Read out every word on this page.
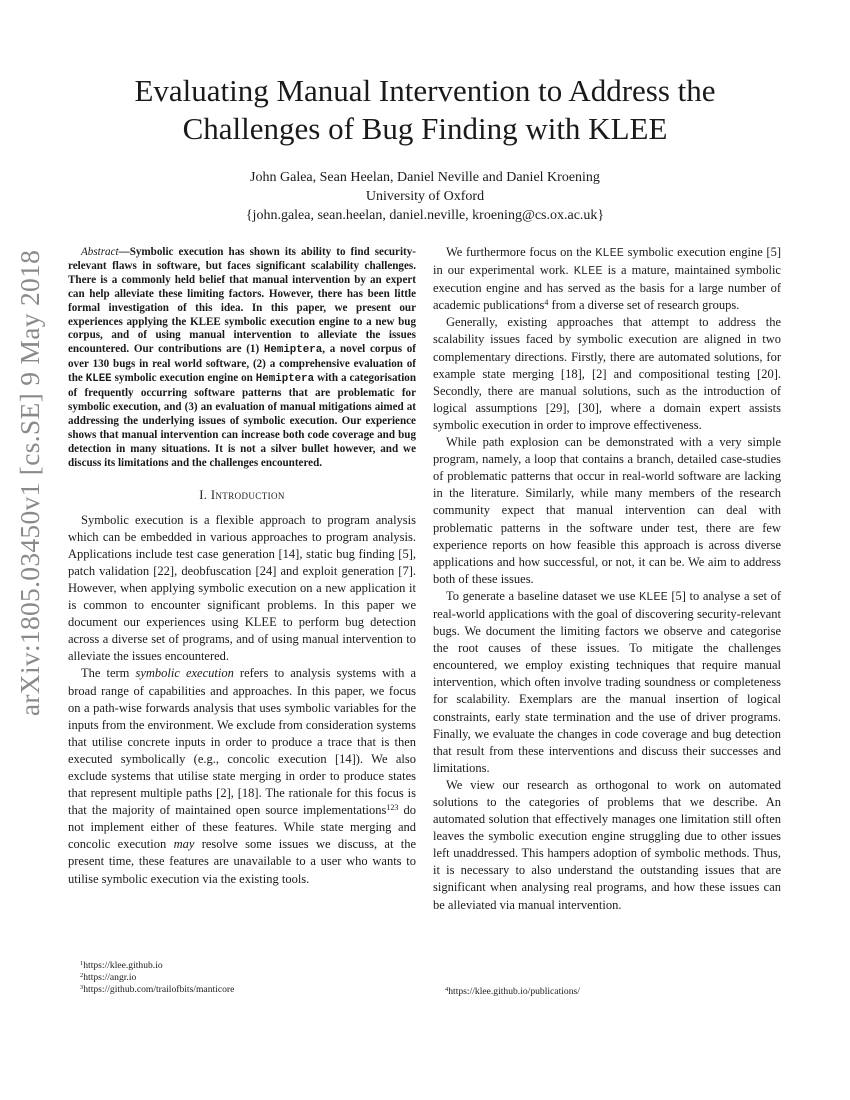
arXiv:1805.03450v1 [cs.SE] 9 May 2018
Evaluating Manual Intervention to Address the
Challenges of Bug Finding with KLEE
John Galea, Sean Heelan, Daniel Neville and Daniel Kroening
University of Oxford
{john.galea, sean.heelan, daniel.neville, kroening@cs.ox.ac.uk}

Abstract—Symbolic execution has shown its ability to find security-relevant flaws in software, but faces significant scalability challenges. There is a commonly held belief that manual intervention by an expert can help alleviate these limiting factors. However, there has been little formal investigation of this idea. In this paper, we present our experiences applying the KLEE symbolic execution engine to a new bug corpus, and of using manual intervention to alleviate the issues encountered. Our contributions are (1) Hemiptera, a novel corpus of over 130 bugs in real world software, (2) a comprehensive evaluation of the KLEE symbolic execution engine on Hemiptera with a categorisation of frequently occurring software patterns that are problematic for symbolic execution, and (3) an evaluation of manual mitigations aimed at addressing the underlying issues of symbolic execution. Our experience shows that manual intervention can increase both code coverage and bug detection in many situations. It is not a silver bullet however, and we discuss its limitations and the challenges encountered.

I. Introduction

Symbolic execution is a flexible approach to program analysis which can be embedded in various approaches to program analysis. Applications include test case generation [14], static bug finding [5], patch validation [22], deobfuscation [24] and exploit generation [7]. However, when applying symbolic execution on a new application it is common to encounter significant problems. In this paper we document our experiences using KLEE to perform bug detection across a diverse set of programs, and of using manual intervention to alleviate the issues encountered.

The term symbolic execution refers to analysis systems with a broad range of capabilities and approaches. In this paper, we focus on a path-wise forwards analysis that uses symbolic variables for the inputs from the environment. We exclude from consideration systems that utilise concrete inputs in order to produce a trace that is then executed symbolically (e.g., concolic execution [14]). We also exclude systems that utilise state merging in order to produce states that represent multiple paths [2], [18]. The rationale for this focus is that the majority of maintained open source implementations$^{123}$ do not implement either of these features. While state merging and concolic execution may resolve some issues we discuss, at the present time, these features are unavailable to a user who wants to utilise symbolic execution via the existing tools.

We furthermore focus on the KLEE symbolic execution engine [5] in our experimental work. KLEE is a mature, maintained symbolic execution engine and has served as the basis for a large number of academic publications$^4$ from a diverse set of research groups.

Generally, existing approaches that attempt to address the scalability issues faced by symbolic execution are aligned in two complementary directions. Firstly, there are automated solutions, for example state merging [18], [2] and compositional testing [20]. Secondly, there are manual solutions, such as the introduction of logical assumptions [29], [30], where a domain expert assists symbolic execution in order to improve effectiveness.

While path explosion can be demonstrated with a very simple program, namely, a loop that contains a branch, detailed case-studies of problematic patterns that occur in real-world software are lacking in the literature. Similarly, while many members of the research community expect that manual intervention can deal with problematic patterns in the software under test, there are few experience reports on how feasible this approach is across diverse applications and how successful, or not, it can be. We aim to address both of these issues.

To generate a baseline dataset we use KLEE [5] to analyse a set of real-world applications with the goal of discovering security-relevant bugs. We document the limiting factors we observe and categorise the root causes of these issues. To mitigate the challenges encountered, we employ existing techniques that require manual intervention, which often involve trading soundness or completeness for scalability. Exemplars are the manual insertion of logical constraints, early state termination and the use of driver programs. Finally, we evaluate the changes in code coverage and bug detection that result from these interventions and discuss their successes and limitations.

We view our research as orthogonal to work on automated solutions to the categories of problems that we describe. An automated solution that effectively manages one limitation still often leaves the symbolic execution engine struggling due to other issues left unaddressed. This hampers adoption of symbolic methods. Thus, it is necessary to also understand the outstanding issues that are significant when analysing real programs, and how these issues can be alleviated via manual intervention.

$^1$https://klee.github.io
$^2$https://angr.io
$^3$https://github.com/trailofbits/manticore	$^4$https://klee.github.io/publications/
